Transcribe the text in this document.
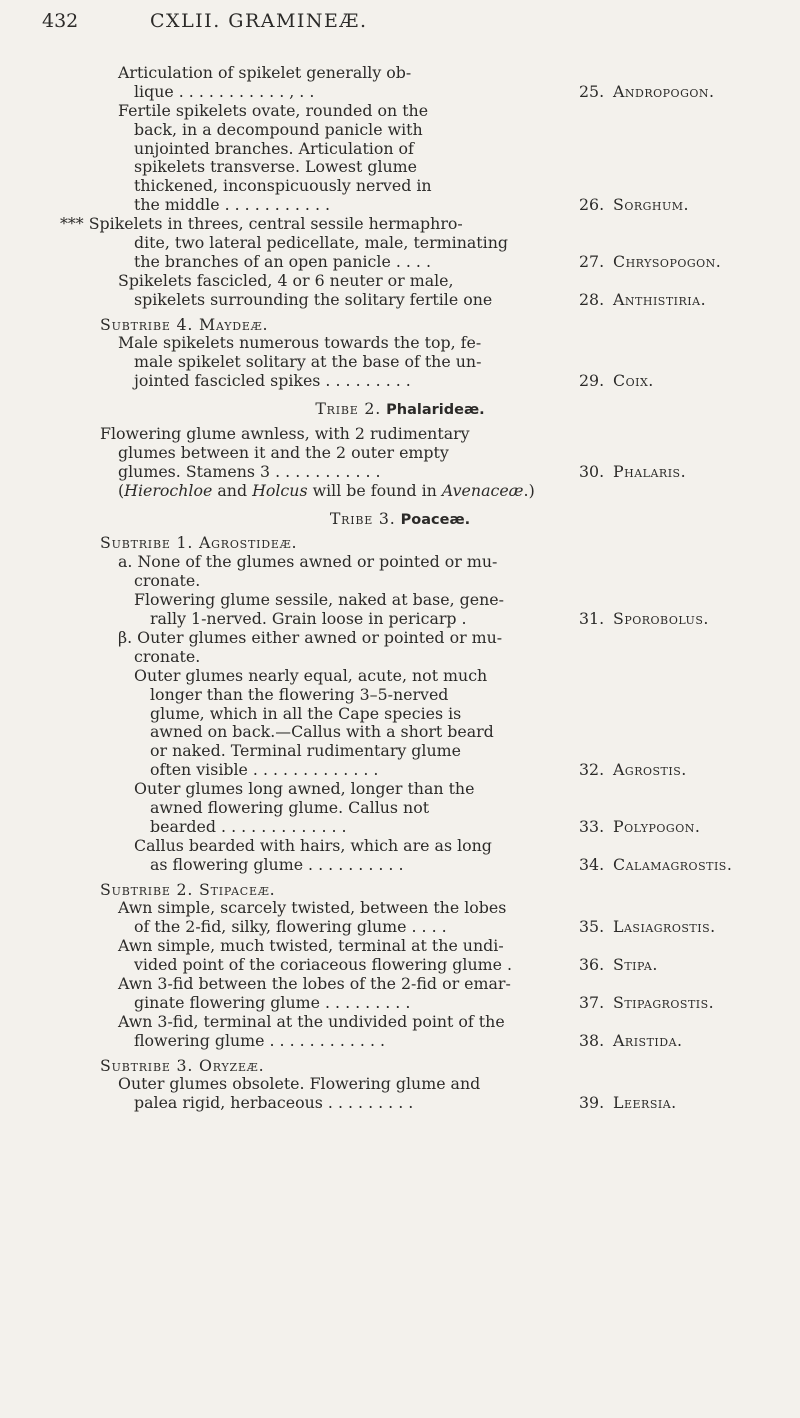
432	CXLII. GRAMINEÆ.
Articulation of spikelet generally ob-
lique . . . . . . . . . . . , . .	25. Andropogon.
Fertile spikelets ovate, rounded on the
back, in a decompound panicle with
unjointed branches. Articulation of
spikelets transverse. Lowest glume
thickened, inconspicuously nerved in
the middle . . . . . . . . . . .	26. Sorghum.
*** Spikelets in threes, central sessile hermaphro-
dite, two lateral pedicellate, male, terminating
the branches of an open panicle . . . .	27. Chrysopogon.
Spikelets fascicled, 4 or 6 neuter or male,
spikelets surrounding the solitary fertile one	28. Anthistiria.
Subtribe 4. Maydeæ.
Male spikelets numerous towards the top, fe-
male spikelet solitary at the base of the un-
jointed fascicled spikes . . . . . . . . .	29. Coix.
Tribe 2. Phalarideæ.
Flowering glume awnless, with 2 rudimentary
glumes between it and the 2 outer empty
glumes. Stamens 3 . . . . . . . . . . .	30. Phalaris.
(Hierochloe and Holcus will be found in Avenaceæ.)
Tribe 3. Poaceæ.
Subtribe 1. Agrostideæ.
a. None of the glumes awned or pointed or mu-
cronate.
Flowering glume sessile, naked at base, gene-
rally 1-nerved. Grain loose in pericarp .	31. Sporobolus.
β. Outer glumes either awned or pointed or mu-
cronate.
Outer glumes nearly equal, acute, not much
longer than the flowering 3–5-nerved
glume, which in all the Cape species is
awned on back.—Callus with a short beard
or naked. Terminal rudimentary glume
often visible . . . . . . . . . . . . .	32. Agrostis.
Outer glumes long awned, longer than the
awned flowering glume. Callus not
bearded . . . . . . . . . . . . .	33. Polypogon.
Callus bearded with hairs, which are as long
as flowering glume . . . . . . . . . .	34. Calamagrostis.
Subtribe 2. Stipaceæ.
Awn simple, scarcely twisted, between the lobes
of the 2-fid, silky, flowering glume . . . .	35. Lasiagrostis.
Awn simple, much twisted, terminal at the undi-
vided point of the coriaceous flowering glume .	36. Stipa.
Awn 3-fid between the lobes of the 2-fid or emar-
ginate flowering glume . . . . . . . . .	37. Stipagrostis.
Awn 3-fid, terminal at the undivided point of the
flowering glume . . . . . . . . . . . .	38. Aristida.
Subtribe 3. Oryzeæ.
Outer glumes obsolete. Flowering glume and
palea rigid, herbaceous . . . . . . . . .	39. Leersia.
